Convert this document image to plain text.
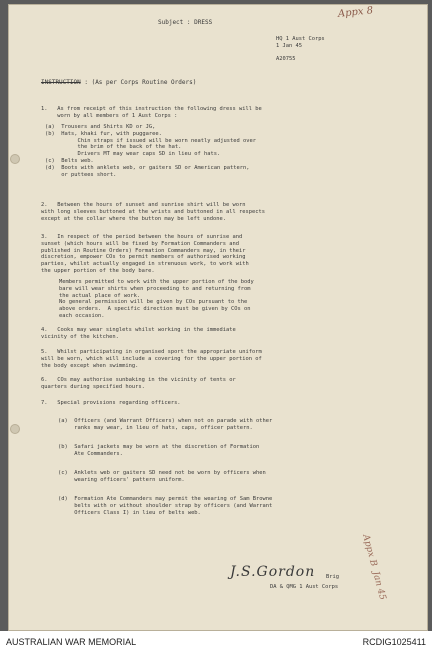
Appx 8
Subject : DRESS
HQ 1 Aust Corps
1 Jan 45

A20755
INSTRUCTION : (As per Corps Routine Orders)
1.   As from receipt of this instruction the following dress will be
worn by all members of 1 Aust Corps :
(a)  Trousers and Shirts KD or JG,
(b)  Hats, khaki fur, with puggaree.
Chin straps if issued will be worn neatly adjusted over
the brim of the back of the hat.
Drivers MT may wear caps SD in lieu of hats.
(c)  Belts web.
(d)  Boots with anklets web, or gaiters SD or American pattern,
or puttees short.
2.   Between the hours of sunset and sunrise shirt will be worn
with long sleeves buttoned at the wrists and buttoned in all respects
except at the collar where the button may be left undone.
3.   In respect of the period between the hours of sunrise and
sunset (which hours will be fixed by Formation Commanders and
published in Routine Orders) Formation Commanders may, in their
discretion, empower COs to permit members of authorised working
parties, whilst actually engaged in strenuous work, to work with
the upper portion of the body bare.
Members permitted to work with the upper portion of the body
bare will wear shirts when proceeding to and returning from
the actual place of work.
No general permission will be given by COs pursuant to the
above orders.  A specific direction must be given by COs on
each occasion.
4.   Cooks may wear singlets whilst working in the immediate
vicinity of the kitchen.
5.   Whilst participating in organised sport the appropriate uniform
will be worn, which will include a covering for the upper portion of
the body except when swimming.
6.   COs may authorise sunbaking in the vicinity of tents or
quarters during specified hours.
7.   Special provisions regarding officers.
(a)  Officers (and Warrant Officers) when not on parade with other
ranks may wear, in lieu of hats, caps, officer pattern.
(b)  Safari jackets may be worn at the discretion of Formation
Ate Commanders.
(c)  Anklets web or gaiters SD need not be worn by officers when
wearing officers' pattern uniform.
(d)  Formation Ate Commanders may permit the wearing of Sam Browne
belts with or without shoulder strap by officers (and Warrant
Officers Class I) in lieu of belts web.
J.S.Gordon Brig
DA & QMG 1 Aust Corps Appx B  Jan 45
AUSTRALIAN WAR MEMORIAL	RCDIG1025411
